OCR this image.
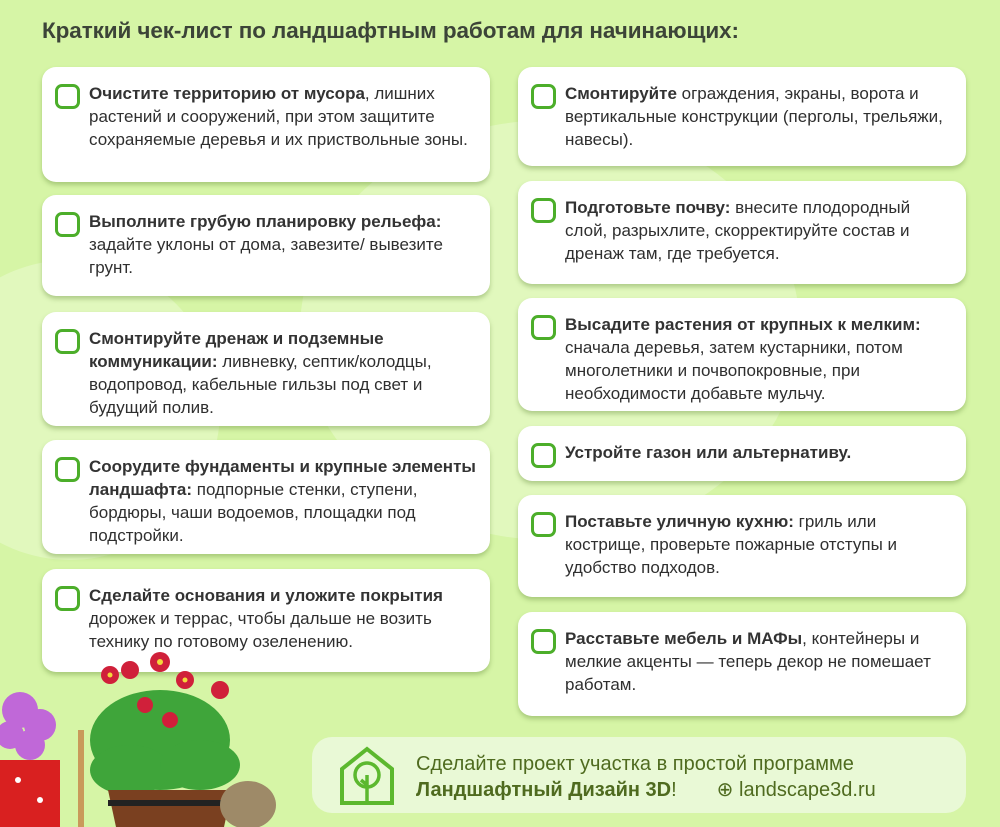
Краткий чек-лист по ландшафтным работам для начинающих:
Очистите территорию от мусора, лишних растений и сооружений, при этом защитите сохраняемые деревья и их приствольные зоны.
Выполните грубую планировку рельефа: задайте уклоны от дома, завезите/ вывезите грунт.
Смонтируйте дренаж и подземные коммуникации: ливневку, септик/колодцы, водопровод, кабельные гильзы под свет и будущий полив.
Соорудите фундаменты и крупные элементы ландшафта: подпорные стенки, ступени, бордюры, чаши водоемов, площадки под подстройки.
Сделайте основания и уложите покрытия дорожек и террас, чтобы дальше не возить технику по готовому озеленению.
Смонтируйте ограждения, экраны, ворота и вертикальные конструкции (перголы, трельяжи, навесы).
Подготовьте почву: внесите плодородный слой, разрыхлите, скорректируйте состав и дренаж там, где требуется.
Высадите растения от крупных к мелким: сначала деревья, затем кустарники, потом многолетники и почвопокровные, при необходимости добавьте мульчу.
Устройте газон или альтернативу.
Поставьте уличную кухню: гриль или кострище, проверьте пожарные отступы и удобство подходов.
Расставьте мебель и МАФы, контейнеры и мелкие акценты — теперь декор не помешает работам.
Сделайте проект участка в простой программе
Ландшафтный Дизайн 3D! ⊕ landscape3d.ru
